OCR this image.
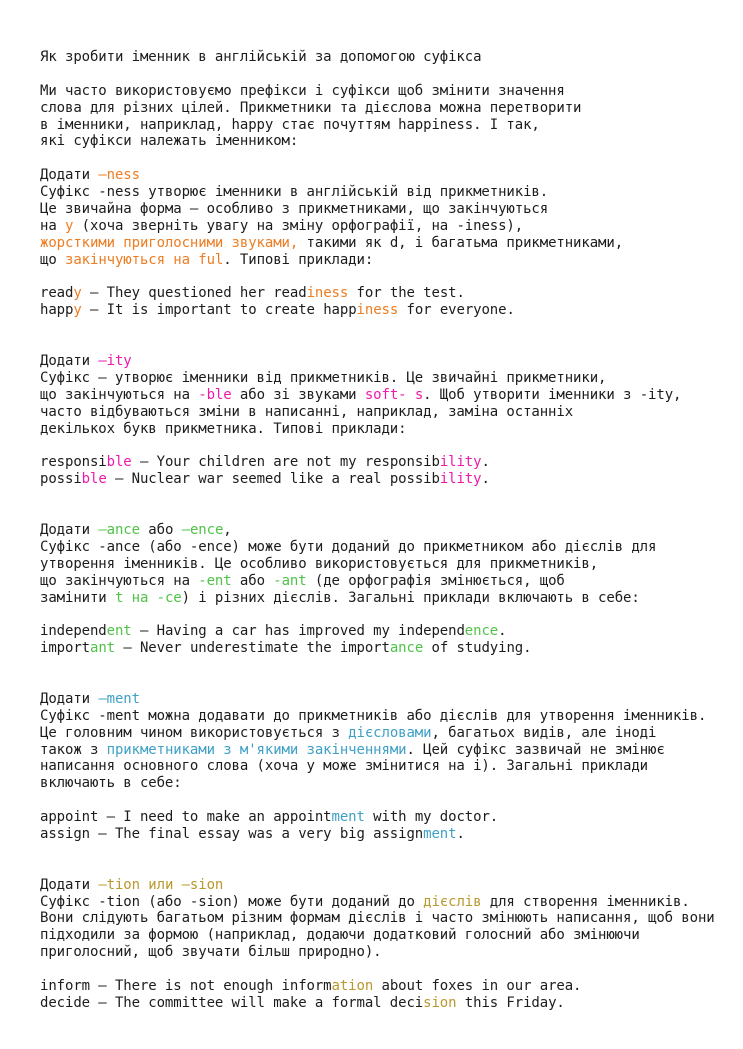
Як зробити іменник в англійській за допомогою суфікса

Ми часто використовуємо префікси і суфікси щоб змінити значення
слова для різних цілей. Прикметники та дієслова можна перетворити
в іменники, наприклад, happy стає почуттям happiness. І так,
які суфікси належать іменником:

Додати –ness
Суфікс -ness утворює іменники в англійській від прикметників.
Це звичайна форма – особливо з прикметниками, що закінчуються
на y (хоча зверніть увагу на зміну орфографії, на -iness),
жорсткими приголосними звуками, такими як d, і багатьма прикметниками,
що закінчуються на ful. Типові приклади:

ready – They questioned her readiness for the test.
happy – It is important to create happiness for everyone.

Додати –ity
Суфікс – утворює іменники від прикметників. Це звичайні прикметники,
що закінчуються на -ble або зі звуками soft- s. Щоб утворити іменники з -ity,
часто відбуваються зміни в написанні, наприклад, заміна останніх
декількох букв прикметника. Типові приклади:

responsible – Your children are not my responsibility.
possible – Nuclear war seemed like a real possibility.

Додати –ance або –ence,
Суфікс -ance (або -ence) може бути доданий до прикметником або дієслів для
утворення іменників. Це особливо використовується для прикметників,
що закінчуються на -ent або -ant (де орфографія змінюється, щоб
замінити t на -ce) і різних дієслів. Загальні приклади включають в себе:

independent – Having a car has improved my independence.
important – Never underestimate the importance of studying.

Додати –ment
Суфікс -ment можна додавати до прикметників або дієслів для утворення іменників.
Це головним чином використовується з дієсловами, багатьох видів, але іноді
також з прикметниками з м'якими закінченнями. Цей суфікс зазвичай не змінює
написання основного слова (хоча y може змінитися на i). Загальні приклади
включають в себе:

appoint – I need to make an appointment with my doctor.
assign – The final essay was a very big assignment.

Додати –tion или –sion
Суфікс -tion (або -sion) може бути доданий до дієслів для створення іменників.
Вони слідують багатьом різним формам дієслів і часто змінюють написання, щоб вони
підходили за формою (наприклад, додаючи додатковий голосний або змінюючи
приголосний, щоб звучати більш природно).

inform – There is not enough information about foxes in our area.
decide – The committee will make a formal decision this Friday.
